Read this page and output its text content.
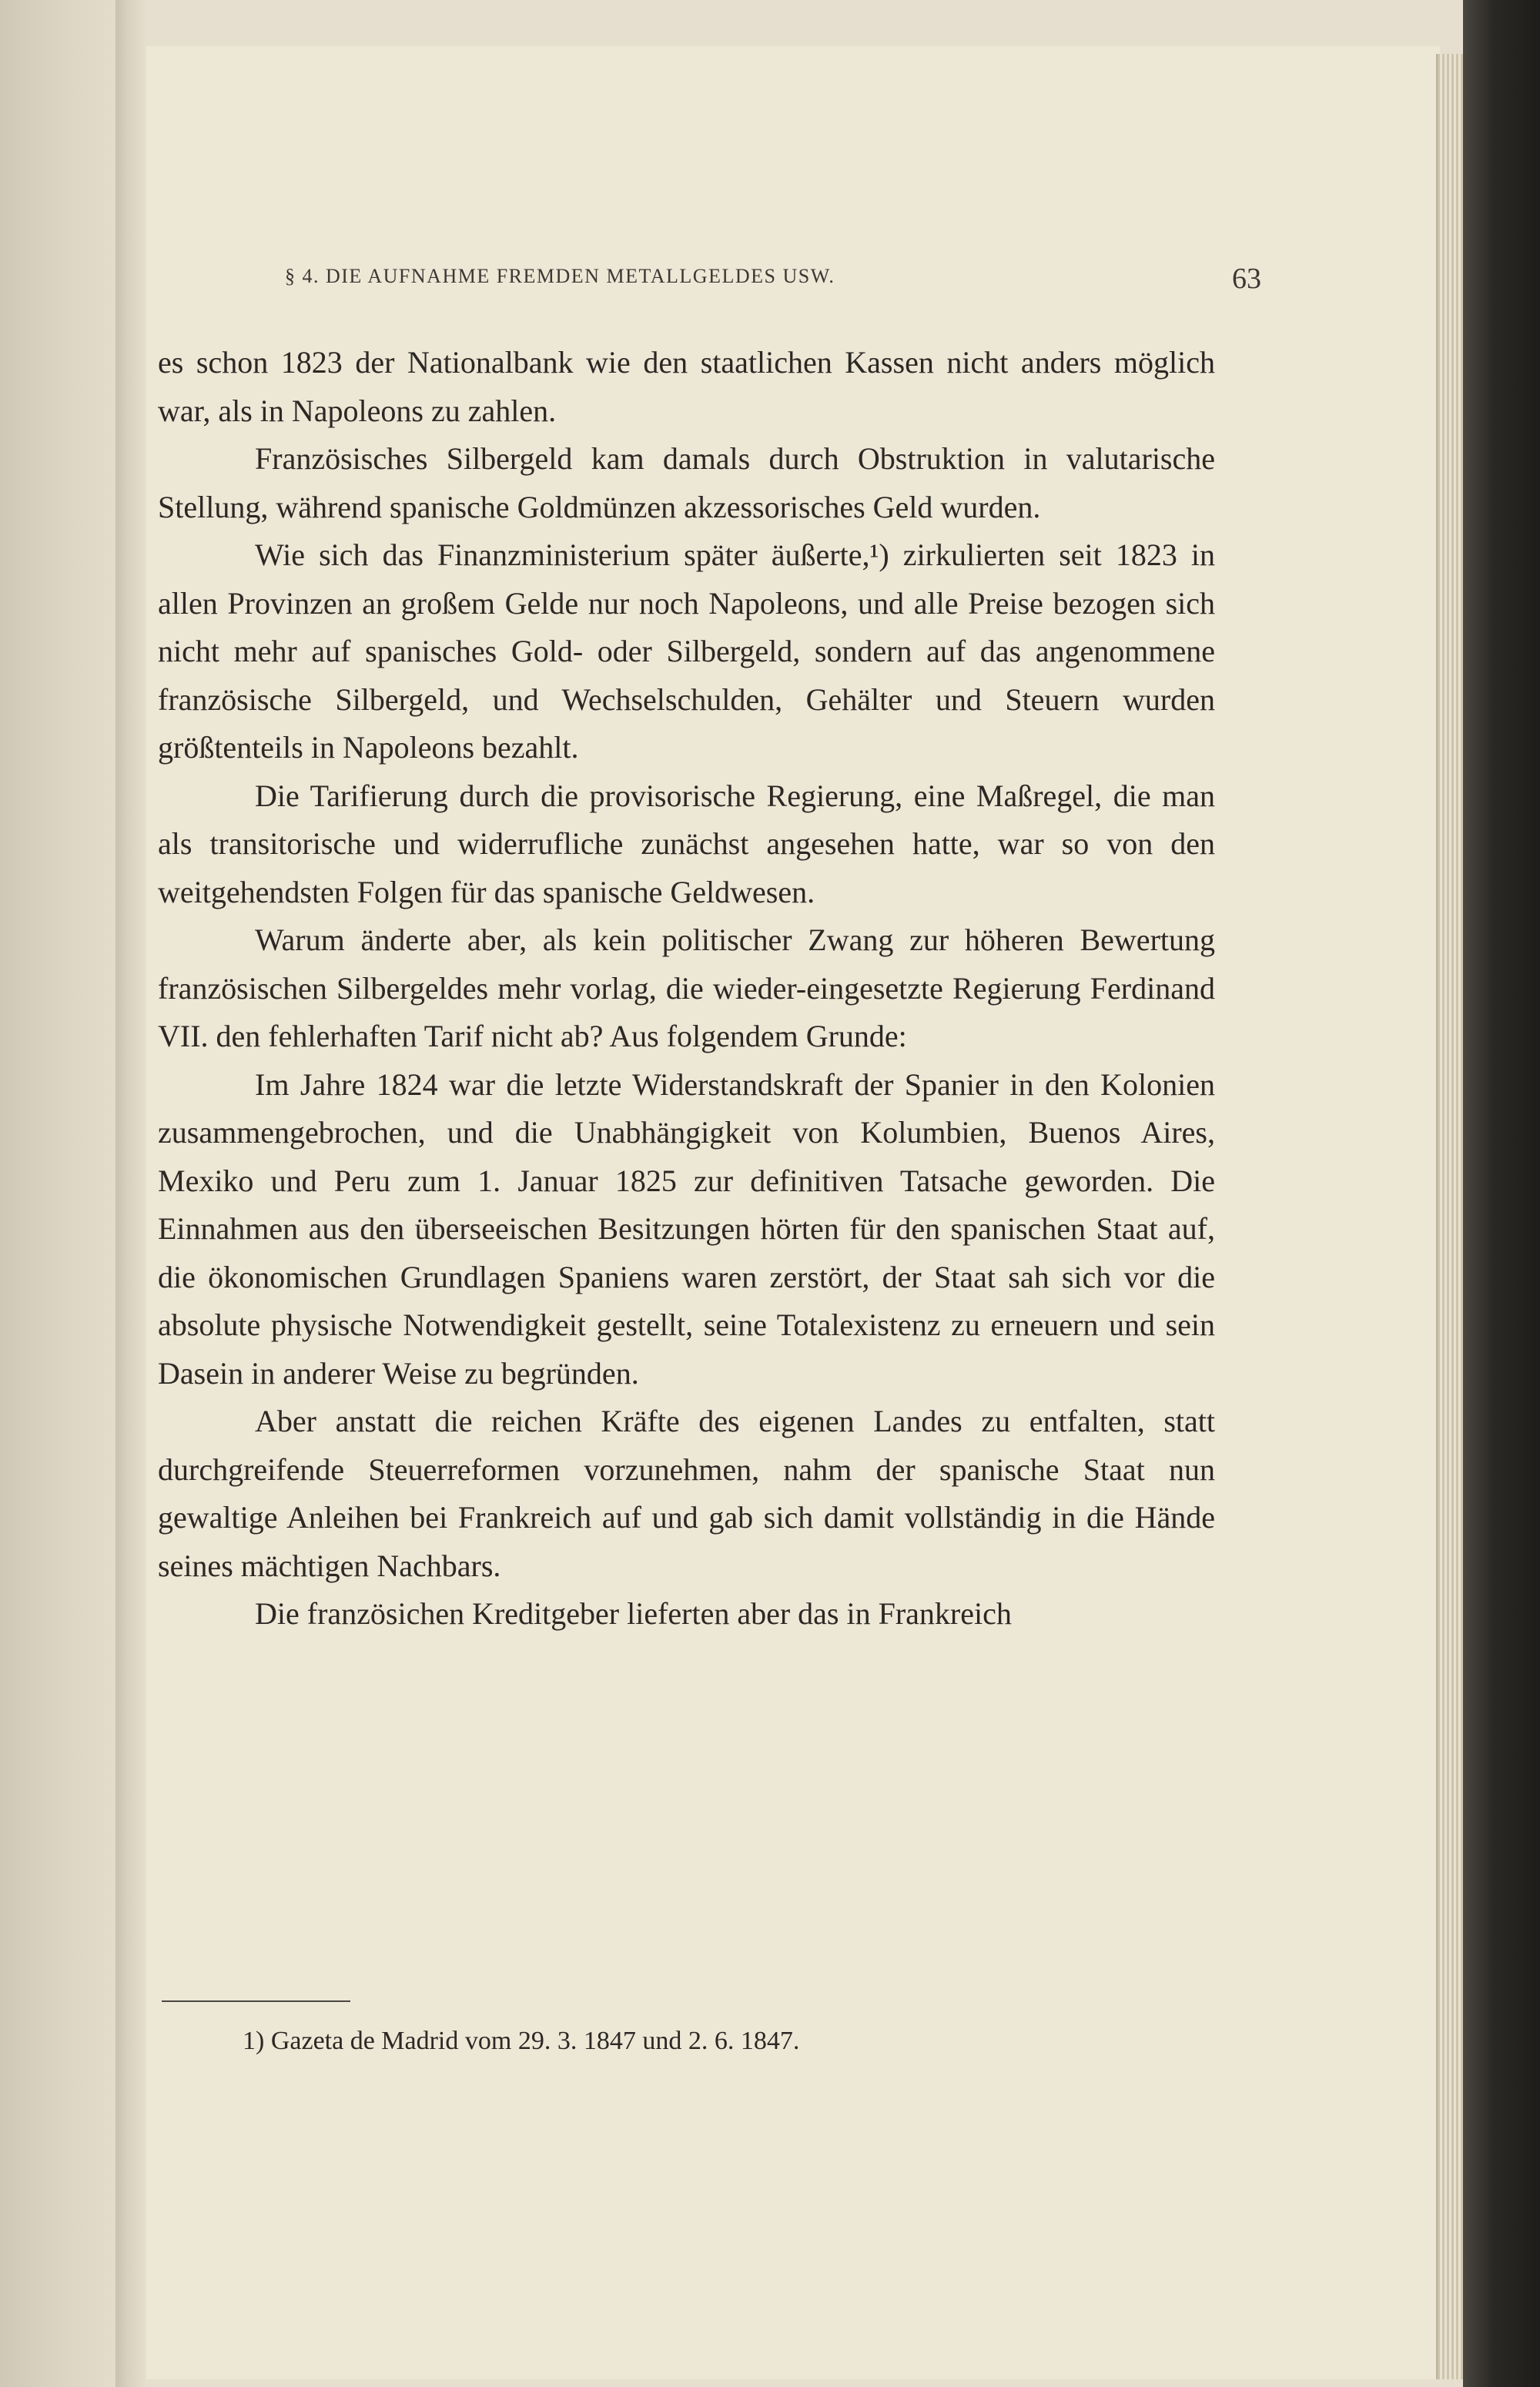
§ 4. DIE AUFNAHME FREMDEN METALLGELDES USW.	63

es schon 1823 der Nationalbank wie den staatlichen Kassen nicht anders möglich war, als in Napoleons zu zahlen.

Französisches Silbergeld kam damals durch Obstruktion in valutarische Stellung, während spanische Goldmünzen akzessorisches Geld wurden.

Wie sich das Finanzministerium später äußerte,¹) zirkulierten seit 1823 in allen Provinzen an großem Gelde nur noch Napoleons, und alle Preise bezogen sich nicht mehr auf spanisches Gold- oder Silbergeld, sondern auf das angenommene französische Silbergeld, und Wechselschulden, Gehälter und Steuern wurden größtenteils in Napoleons bezahlt.

Die Tarifierung durch die provisorische Regierung, eine Maßregel, die man als transitorische und widerrufliche zunächst angesehen hatte, war so von den weitgehendsten Folgen für das spanische Geldwesen.

Warum änderte aber, als kein politischer Zwang zur höheren Bewertung französischen Silbergeldes mehr vorlag, die wieder-eingesetzte Regierung Ferdinand VII. den fehlerhaften Tarif nicht ab? Aus folgendem Grunde:

Im Jahre 1824 war die letzte Widerstandskraft der Spanier in den Kolonien zusammengebrochen, und die Unabhängigkeit von Kolumbien, Buenos Aires, Mexiko und Peru zum 1. Januar 1825 zur definitiven Tatsache geworden. Die Einnahmen aus den überseeischen Besitzungen hörten für den spanischen Staat auf, die ökonomischen Grundlagen Spaniens waren zerstört, der Staat sah sich vor die absolute physische Notwendigkeit gestellt, seine Totalexistenz zu erneuern und sein Dasein in anderer Weise zu begründen.

Aber anstatt die reichen Kräfte des eigenen Landes zu entfalten, statt durchgreifende Steuerreformen vorzunehmen, nahm der spanische Staat nun gewaltige Anleihen bei Frankreich auf und gab sich damit vollständig in die Hände seines mächtigen Nachbars.

Die französichen Kreditgeber lieferten aber das in Frankreich

1) Gazeta de Madrid vom 29. 3. 1847 und 2. 6. 1847.
